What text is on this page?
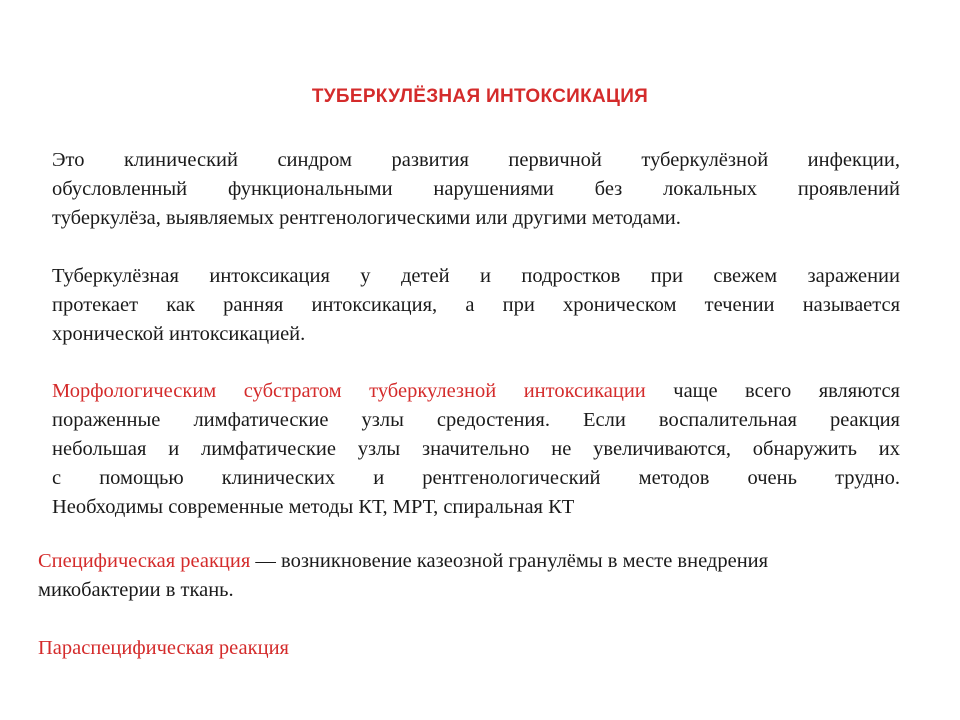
ТУБЕРКУЛЁЗНАЯ ИНТОКСИКАЦИЯ
Это клинический синдром развития первичной туберкулёзной инфекции,
обусловленный функциональными нарушениями без локальных проявлений
туберкулёза, выявляемых рентгенологическими или другими методами.
Туберкулёзная интоксикация у детей и подростков при свежем заражении
протекает как ранняя интоксикация, а при хроническом течении называется
хронической интоксикацией.
Морфологическим субстратом туберкулезной интоксикации чаще всего являются
пораженные лимфатические узлы средостения. Если воспалительная реакция
небольшая и лимфатические узлы значительно не увеличиваются, обнаружить их
с помощью клинических и рентгенологический методов очень трудно.
Необходимы современные методы КТ, МРТ, спиральная КТ
Специфическая реакция — возникновение казеозной гранулёмы в месте внедрения
микобактерии в ткань.
Параспецифическая реакция
